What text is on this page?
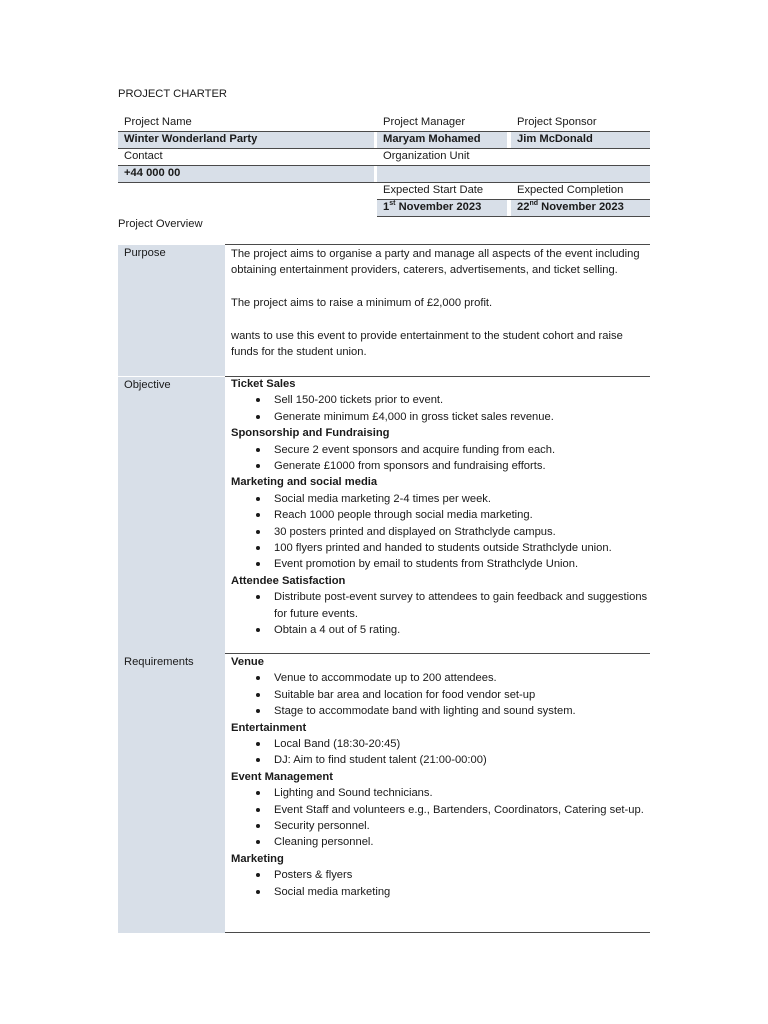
PROJECT CHARTER
Project Name	Project Manager	Project Sponsor
Winter Wonderland Party	Maryam Mohamed	Jim McDonald
Contact	Organization Unit
+44 000 00
Expected Start Date	Expected Completion
1st November 2023	22nd November 2023
Project Overview
Purpose	The project aims to organise a party and manage all aspects of the event including obtaining entertainment providers, caterers, advertisements, and ticket selling.

The project aims to raise a minimum of £2,000 profit.

wants to use this event to provide entertainment to the student cohort and raise funds for the student union.

Objective	Ticket Sales

Sell 150-200 tickets prior to event.
Generate minimum £4,000 in gross ticket sales revenue.

Sponsorship and Fundraising

Secure 2 event sponsors and acquire funding from each.
Generate £1000 from sponsors and fundraising efforts.

Marketing and social media

Social media marketing 2-4 times per week.
Reach 1000 people through social media marketing.
30 posters printed and displayed on Strathclyde campus.
100 flyers printed and handed to students outside Strathclyde union.
Event promotion by email to students from Strathclyde Union.

Attendee Satisfaction

Distribute post-event survey to attendees to gain feedback and suggestions for future events.
Obtain a 4 out of 5 rating.
Requirements	Venue

Venue to accommodate up to 200 attendees.
Suitable bar area and location for food vendor set-up
Stage to accommodate band with lighting and sound system.

Entertainment

Local Band (18:30-20:45)
DJ: Aim to find student talent (21:00-00:00)

Event Management

Lighting and Sound technicians.
Event Staff and volunteers e.g., Bartenders, Coordinators, Catering set-up.
Security personnel.
Cleaning personnel.

Marketing

Posters & flyers
Social media marketing
